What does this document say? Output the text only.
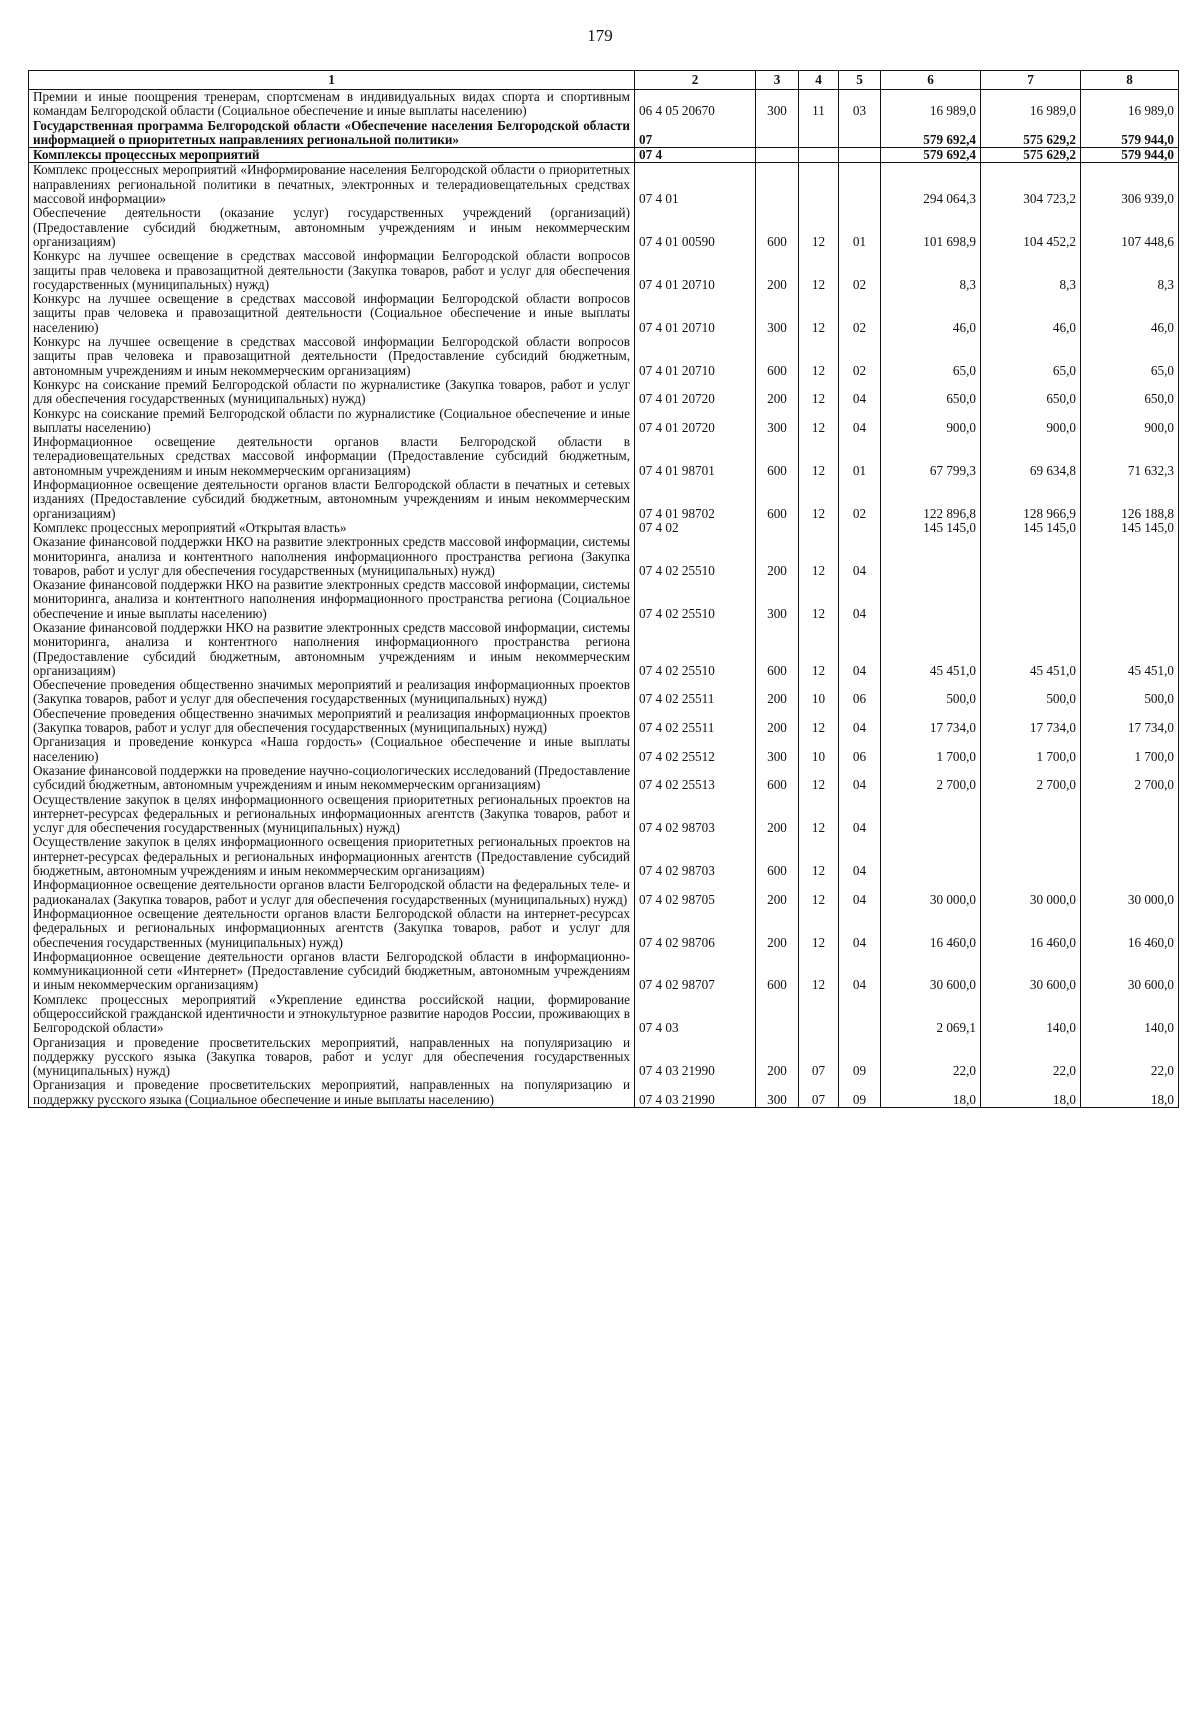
179
1	2	3	4	5	6	7	8
Премии и иные поощрения тренерам, спортсменам в индивидуальных видах спорта и спортивным командам Белгородской области (Социальное обеспечение и иные выплаты населению)	06 4 05 20670	300	11	03	16 989,0	16 989,0	16 989,0
Государственная программа Белгородской области «Обеспечение населения Белгородской области информацией о приоритетных направлениях региональной политики»	07				579 692,4	575 629,2	579 944,0
Комплексы процессных мероприятий	07 4				579 692,4	575 629,2	579 944,0
Комплекс процессных мероприятий «Информирование населения Белгородской области о приоритетных направлениях региональной политики в печатных, электронных и телерадиовещательных средствах массовой информации»	07 4 01				294 064,3	304 723,2	306 939,0
Обеспечение деятельности (оказание услуг) государственных учреждений (организаций) (Предоставление субсидий бюджетным, автономным учреждениям и иным некоммерческим организациям)	07 4 01 00590	600	12	01	101 698,9	104 452,2	107 448,6
Конкурс на лучшее освещение в средствах массовой информации Белгородской области вопросов защиты прав человека и правозащитной деятельности (Закупка товаров, работ и услуг для обеспечения государственных (муниципальных) нужд)	07 4 01 20710	200	12	02	8,3	8,3	8,3
Конкурс на лучшее освещение в средствах массовой информации Белгородской области вопросов защиты прав человека и правозащитной деятельности (Социальное обеспечение и иные выплаты населению)	07 4 01 20710	300	12	02	46,0	46,0	46,0
Конкурс на лучшее освещение в средствах массовой информации Белгородской области вопросов защиты прав человека и правозащитной деятельности (Предоставление субсидий бюджетным, автономным учреждениям и иным некоммерческим организациям)	07 4 01 20710	600	12	02	65,0	65,0	65,0
Конкурс на соискание премий Белгородской области по журналистике (Закупка товаров, работ и услуг для обеспечения государственных (муниципальных) нужд)	07 4 01 20720	200	12	04	650,0	650,0	650,0
Конкурс на соискание премий Белгородской области по журналистике (Социальное обеспечение и иные выплаты населению)	07 4 01 20720	300	12	04	900,0	900,0	900,0
Информационное освещение деятельности органов власти Белгородской области в телерадиовещательных средствах массовой информации (Предоставление субсидий бюджетным, автономным учреждениям и иным некоммерческим организациям)	07 4 01 98701	600	12	01	67 799,3	69 634,8	71 632,3
Информационное освещение деятельности органов власти Белгородской области в печатных и сетевых изданиях (Предоставление субсидий бюджетным, автономным учреждениям и иным некоммерческим организациям)	07 4 01 98702	600	12	02	122 896,8	128 966,9	126 188,8
Комплекс процессных мероприятий «Открытая власть»	07 4 02				145 145,0	145 145,0	145 145,0
Оказание финансовой поддержки НКО на развитие электронных средств массовой информации, системы мониторинга, анализа и контентного наполнения информационного пространства региона (Закупка товаров, работ и услуг для обеспечения государственных (муниципальных) нужд)	07 4 02 25510	200	12	04			
Оказание финансовой поддержки НКО на развитие электронных средств массовой информации, системы мониторинга, анализа и контентного наполнения информационного пространства региона (Социальное обеспечение и иные выплаты населению)	07 4 02 25510	300	12	04			
Оказание финансовой поддержки НКО на развитие электронных средств массовой информации, системы мониторинга, анализа и контентного наполнения информационного пространства региона (Предоставление субсидий бюджетным, автономным учреждениям и иным некоммерческим организациям)	07 4 02 25510	600	12	04	45 451,0	45 451,0	45 451,0
Обеспечение проведения общественно значимых мероприятий и реализация информационных проектов (Закупка товаров, работ и услуг для обеспечения государственных (муниципальных) нужд)	07 4 02 25511	200	10	06	500,0	500,0	500,0
Обеспечение проведения общественно значимых мероприятий и реализация информационных проектов (Закупка товаров, работ и услуг для обеспечения государственных (муниципальных) нужд)	07 4 02 25511	200	12	04	17 734,0	17 734,0	17 734,0
Организация и проведение конкурса «Наша гордость» (Социальное обеспечение и иные выплаты населению)	07 4 02 25512	300	10	06	1 700,0	1 700,0	1 700,0
Оказание финансовой поддержки на проведение научно-социологических исследований (Предоставление субсидий бюджетным, автономным учреждениям и иным некоммерческим организациям)	07 4 02 25513	600	12	04	2 700,0	2 700,0	2 700,0
Осуществление закупок в целях информационного освещения приоритетных региональных проектов на интернет-ресурсах федеральных и региональных информационных агентств (Закупка товаров, работ и услуг для обеспечения государственных (муниципальных) нужд)	07 4 02 98703	200	12	04			
Осуществление закупок в целях информационного освещения приоритетных региональных проектов на интернет-ресурсах федеральных и региональных информационных агентств (Предоставление субсидий бюджетным, автономным учреждениям и иным некоммерческим организациям)	07 4 02 98703	600	12	04			
Информационное освещение деятельности органов власти Белгородской области на федеральных теле- и радиоканалах (Закупка товаров, работ и услуг для обеспечения государственных (муниципальных) нужд)	07 4 02 98705	200	12	04	30 000,0	30 000,0	30 000,0
Информационное освещение деятельности органов власти Белгородской области на интернет-ресурсах федеральных и региональных информационных агентств (Закупка товаров, работ и услуг для обеспечения государственных (муниципальных) нужд)	07 4 02 98706	200	12	04	16 460,0	16 460,0	16 460,0
Информационное освещение деятельности органов власти Белгородской области в информационно-коммуникационной сети «Интернет» (Предоставление субсидий бюджетным, автономным учреждениям и иным некоммерческим организациям)	07 4 02 98707	600	12	04	30 600,0	30 600,0	30 600,0
Комплекс процессных мероприятий «Укрепление единства российской нации, формирование общероссийской гражданской идентичности и этнокультурное развитие народов России, проживающих в Белгородской области»	07 4 03				2 069,1	140,0	140,0
Организация и проведение просветительских мероприятий, направленных на популяризацию и поддержку русского языка (Закупка товаров, работ и услуг для обеспечения государственных (муниципальных) нужд)	07 4 03 21990	200	07	09	22,0	22,0	22,0
Организация и проведение просветительских мероприятий, направленных на популяризацию и поддержку русского языка (Социальное обеспечение и иные выплаты населению)	07 4 03 21990	300	07	09	18,0	18,0	18,0
